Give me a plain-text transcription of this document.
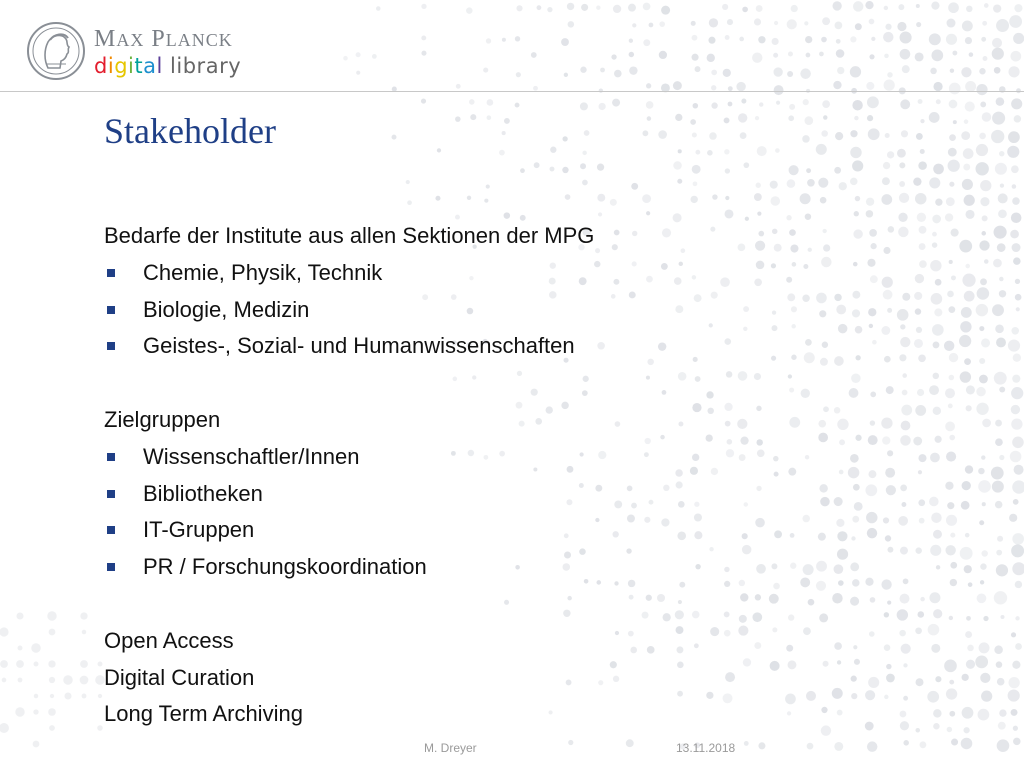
MAX PLANCK
digital library
Stakeholder
Bedarfe der Institute aus allen Sektionen der MPG
Chemie, Physik, Technik
Biologie, Medizin
Geistes-, Sozial- und Humanwissenschaften
Zielgruppen
Wissenschaftler/Innen
Bibliotheken
IT-Gruppen
PR / Forschungskoordination
Open Access
Digital Curation
Long Term Archiving
M. Dreyer	13.11.2018
